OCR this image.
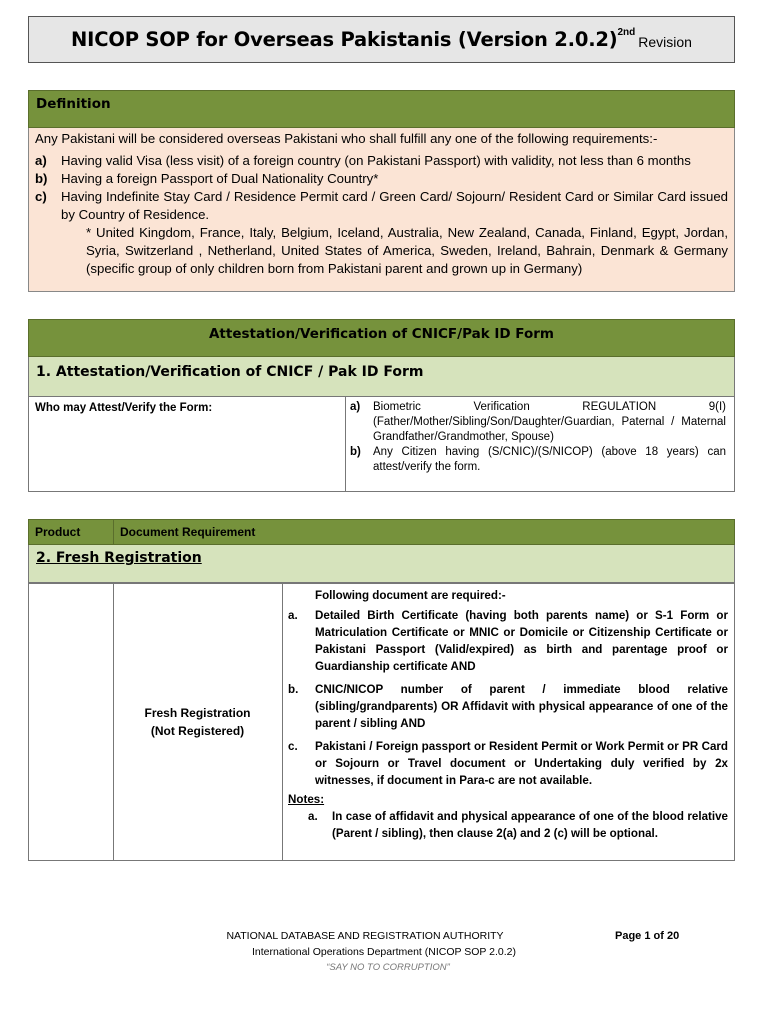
NICOP SOP for Overseas Pakistanis (Version 2.0.2) 2nd
Revision
Definition

Any Pakistani will be considered overseas Pakistani who shall fulfill any one of the following requirements:-

a)	Having valid Visa (less visit) of a foreign country (on Pakistani Passport) with validity, not less than 6 months
b)	Having a foreign Passport of Dual Nationality Country*
c)	Having Indefinite Stay Card / Residence Permit card / Green Card/ Sojourn/ Resident Card or Similar Card issued by Country of Residence.
* United Kingdom, France, Italy, Belgium, Iceland, Australia, New Zealand, Canada, Finland, Egypt, Jordan, Syria, Switzerland , Netherland, United States of America, Sweden, Ireland, Bahrain, Denmark & Germany (specific group of only children born from Pakistani parent and grown up in Germany)
Attestation/Verification of CNICF/Pak ID Form
1. Attestation/Verification of CNICF / Pak ID Form
Who may Attest/Verify the Form:	a)	Biometric Verification REGULATION 9(I) (Father/Mother/Sibling/Son/Daughter/Guardian, Paternal / Maternal Grandfather/Grandmother, Spouse)
b)	Any Citizen having (S/CNIC)/(S/NICOP) (above 18 years) can attest/verify the form.
Product	Document Requirement
2. Fresh Registration
Fresh Registration
(Not Registered)
Following document are required:-
a.	Detailed Birth Certificate (having both parents name) or S-1 Form or Matriculation Certificate or MNIC or Domicile or Citizenship Certificate or Pakistani Passport (Valid/expired) as birth and parentage proof or Guardianship certificate AND
b.	CNIC/NICOP number of parent / immediate blood relative (sibling/grandparents) OR Affidavit with physical appearance of one of the parent / sibling AND
c.	Pakistani / Foreign passport or Resident Permit or Work Permit or PR Card or Sojourn or Travel document or Undertaking duly verified by 2x witnesses, if document in Para-c are not available.
Notes:
a.	In case of affidavit and physical appearance of one of the blood relative (Parent / sibling), then clause 2(a) and 2 (c) will be optional.
NATIONAL DATABASE AND REGISTRATION AUTHORITY
International Operations Department (NICOP SOP 2.0.2)
“SAY NO TO CORRUPTION”
Page 1 of 20
